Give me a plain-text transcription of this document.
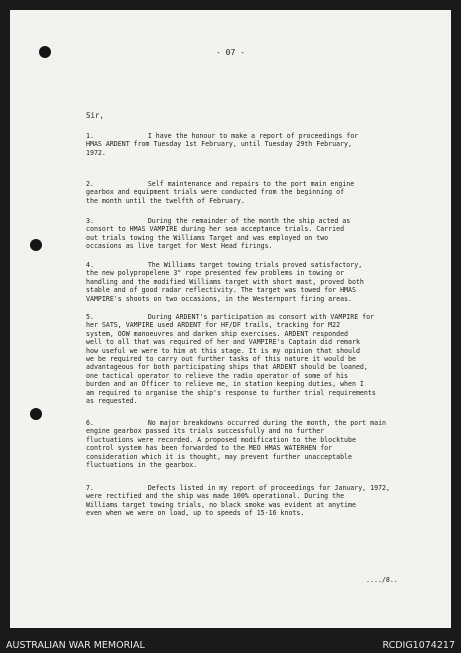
- 07 -
Sir,
1.	I have the honour to make a report of proceedings for
HMAS ARDENT from Tuesday 1st February, until Tuesday 29th February,
1972.
2.	Self maintenance and repairs to the port main engine
gearbox and equipment trials were conducted from the beginning of
the month until the twelfth of February.
3.	During the remainder of the month the ship acted as
consort to HMAS VAMPIRE during her sea acceptance trials. Carried
out trials towing the Williams Target and was employed on two
occasions as live target for West Head firings.
4.	The Williams target towing trials proved satisfactory,
the new polypropelene 3" rope presented few problems in towing or
handling and the modified Williams target with short mast, proved both
stable and of good radar reflectivity. The target was towed for HMAS
VAMPIRE's shoots on two occasions, in the Westernport firing areas.
5.	During ARDENT's participation as consort with VAMPIRE for
her SATS, VAMPIRE used ARDENT for HF/DF trails, tracking for M22
system, OOW manoeuvres and darken ship exercises. ARDENT responded
well to all that was required of her and VAMPIRE's Captain did remark
how useful we were to him at this stage. It is my opinion that should
we be required to carry out further tasks of this nature it would be
advantageous for both participating ships that ARDENT should be loaned,
one tactical operator to relieve the radio operator of some of his
burden and an Officer to relieve me, in station keeping duties, when I
am required to organise the ship's response to further trial requirements
as requested.
6.	No major breakdowns occurred during the month, the port main
engine gearbox passed its trials successfully and no further
fluctuations were recorded. A proposed modification to the blocktube
control system has been forwarded to the MEO HMAS WATERHEN for
consideration which it is thought, may prevent further unacceptable
fluctuations in the gearbox.
7.	Defects listed in my report of proceedings for January, 1972,
were rectified and the ship was made 100% operational. During the
Williams target towing trials, no black smoke was evident at anytime
even when we were on load, up to speeds of 15-16 knots.
..../8..
AUSTRALIAN WAR MEMORIAL	RCDIG1074217
